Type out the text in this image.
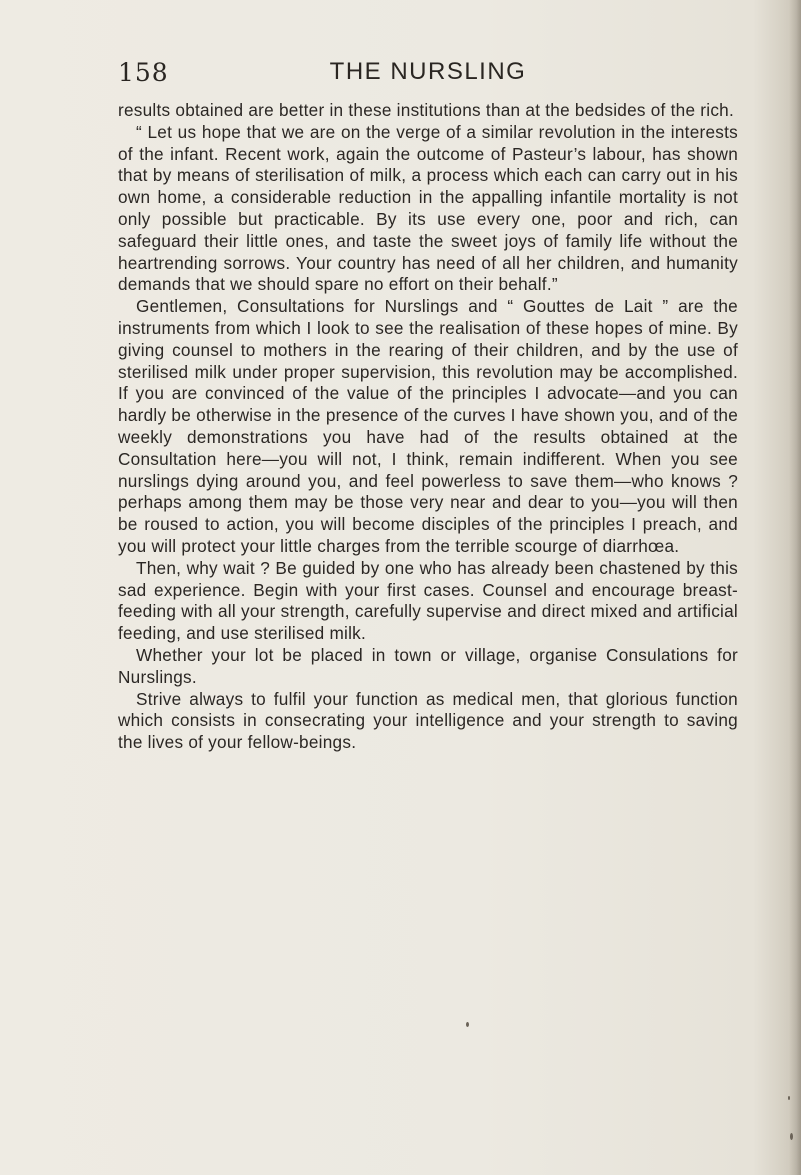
158	THE NURSLING

results obtained are better in these institutions than at the bedsides of the rich.

“ Let us hope that we are on the verge of a similar revolution in the interests of the infant. Recent work, again the outcome of Pasteur’s labour, has shown that by means of sterilisation of milk, a process which each can carry out in his own home, a considerable reduction in the appalling infantile mortality is not only possible but practicable. By its use every one, poor and rich, can safeguard their little ones, and taste the sweet joys of family life without the heartrending sorrows. Your country has need of all her children, and humanity demands that we should spare no effort on their behalf.”

Gentlemen, Consultations for Nurslings and “ Gouttes de Lait ” are the instruments from which I look to see the realisation of these hopes of mine. By giving counsel to mothers in the rearing of their children, and by the use of sterilised milk under proper supervision, this revolution may be accomplished. If you are convinced of the value of the principles I advocate—and you can hardly be otherwise in the presence of the curves I have shown you, and of the weekly demonstrations you have had of the results obtained at the Consultation here—you will not, I think, remain indifferent. When you see nurslings dying around you, and feel powerless to save them—who knows ? perhaps among them may be those very near and dear to you—you will then be roused to action, you will become disciples of the principles I preach, and you will protect your little charges from the terrible scourge of diarrhœa.

Then, why wait ? Be guided by one who has already been chastened by this sad experience. Begin with your first cases. Counsel and encourage breast-feeding with all your strength, carefully supervise and direct mixed and artificial feeding, and use sterilised milk.

Whether your lot be placed in town or village, organise Consulations for Nurslings.

Strive always to fulfil your function as medical men, that glorious function which consists in consecrating your intelligence and your strength to saving the lives of your fellow-beings.
